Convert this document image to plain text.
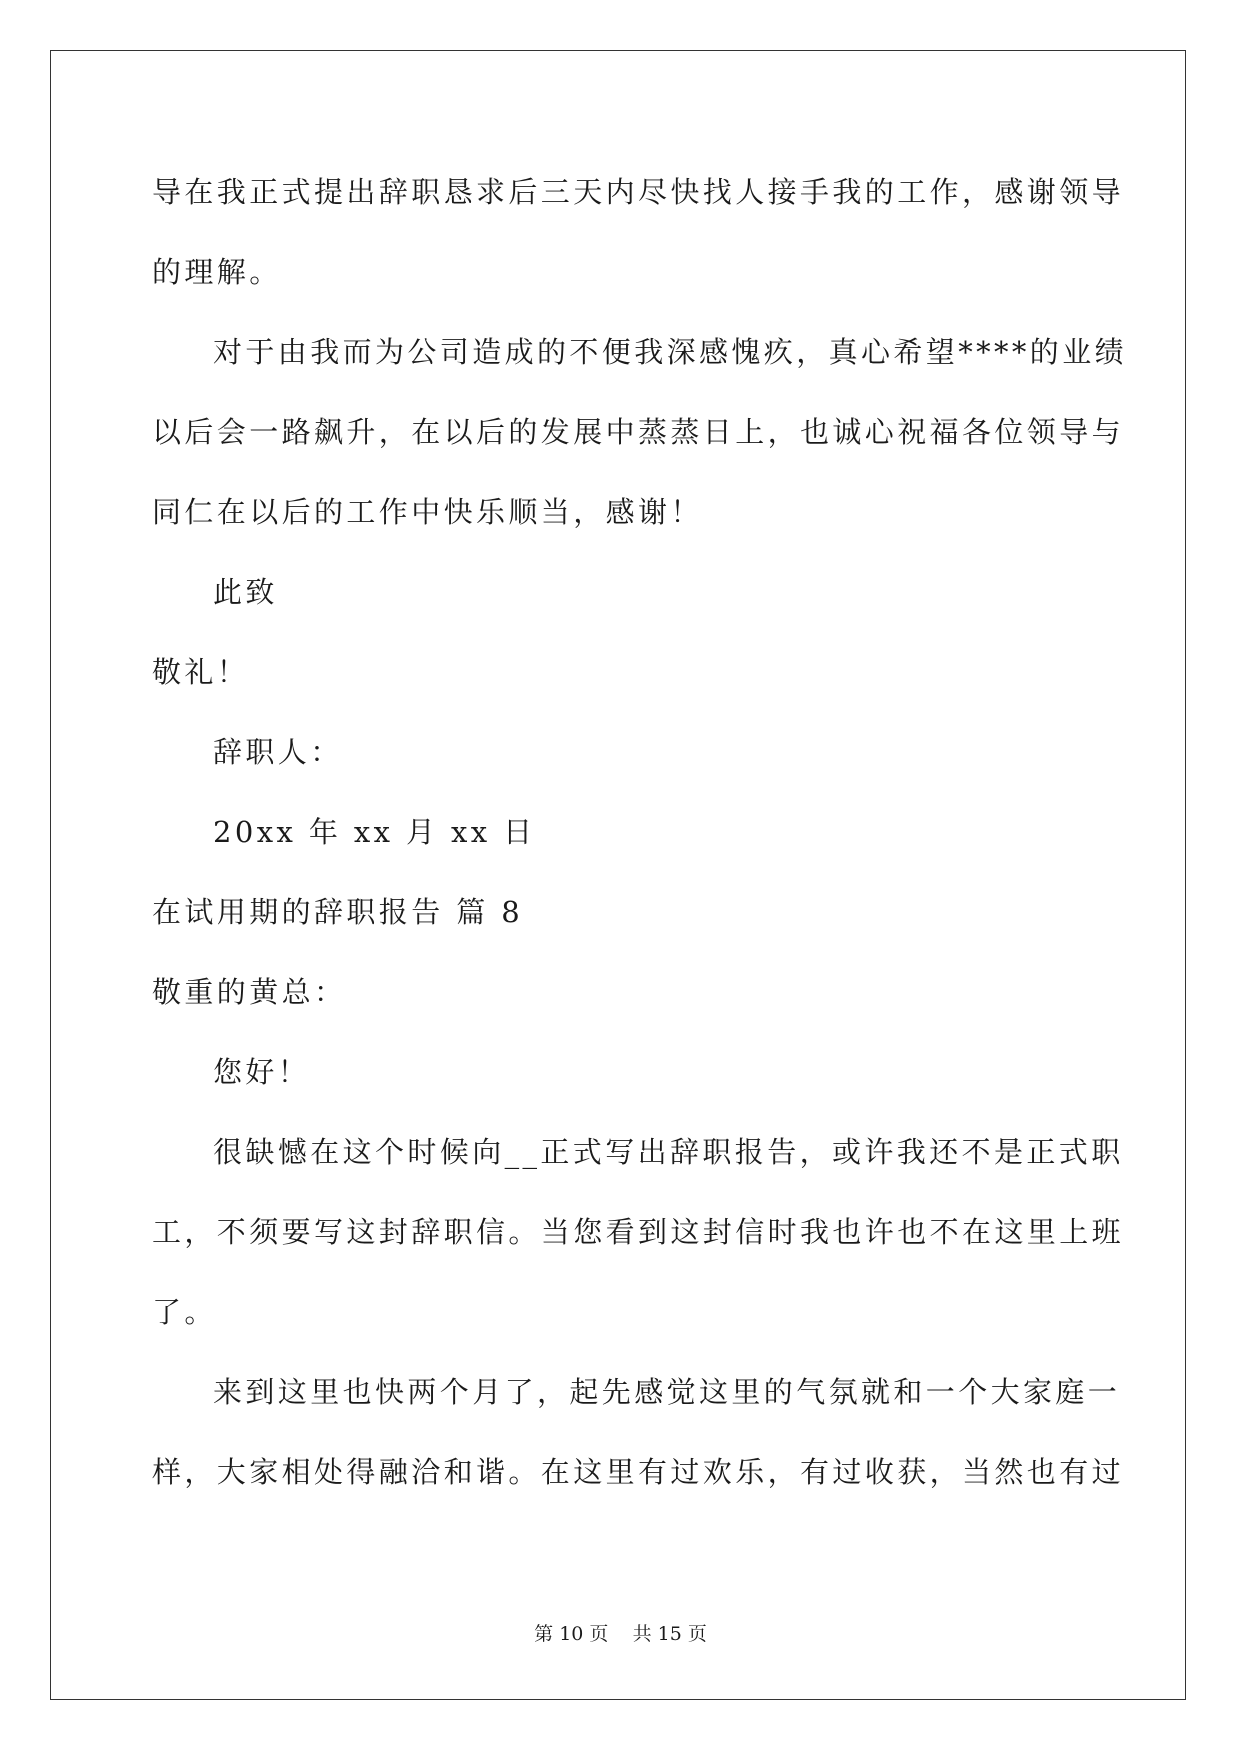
导在我正式提出辞职恳求后三天内尽快找人接手我的工作，感谢领导
的理解。
对于由我而为公司造成的不便我深感愧疚，真心希望****的业绩
以后会一路飙升，在以后的发展中蒸蒸日上，也诚心祝福各位领导与
同仁在以后的工作中快乐顺当，感谢！
此致
敬礼！
辞职人：
20xx 年 xx 月 xx 日
在试用期的辞职报告 篇 8
敬重的黄总：
您好！
很缺憾在这个时候向__正式写出辞职报告，或许我还不是正式职
工，不须要写这封辞职信。当您看到这封信时我也许也不在这里上班
了。
来到这里也快两个月了，起先感觉这里的气氛就和一个大家庭一
样，大家相处得融洽和谐。在这里有过欢乐，有过收获，当然也有过
第 10 页    共 15 页
